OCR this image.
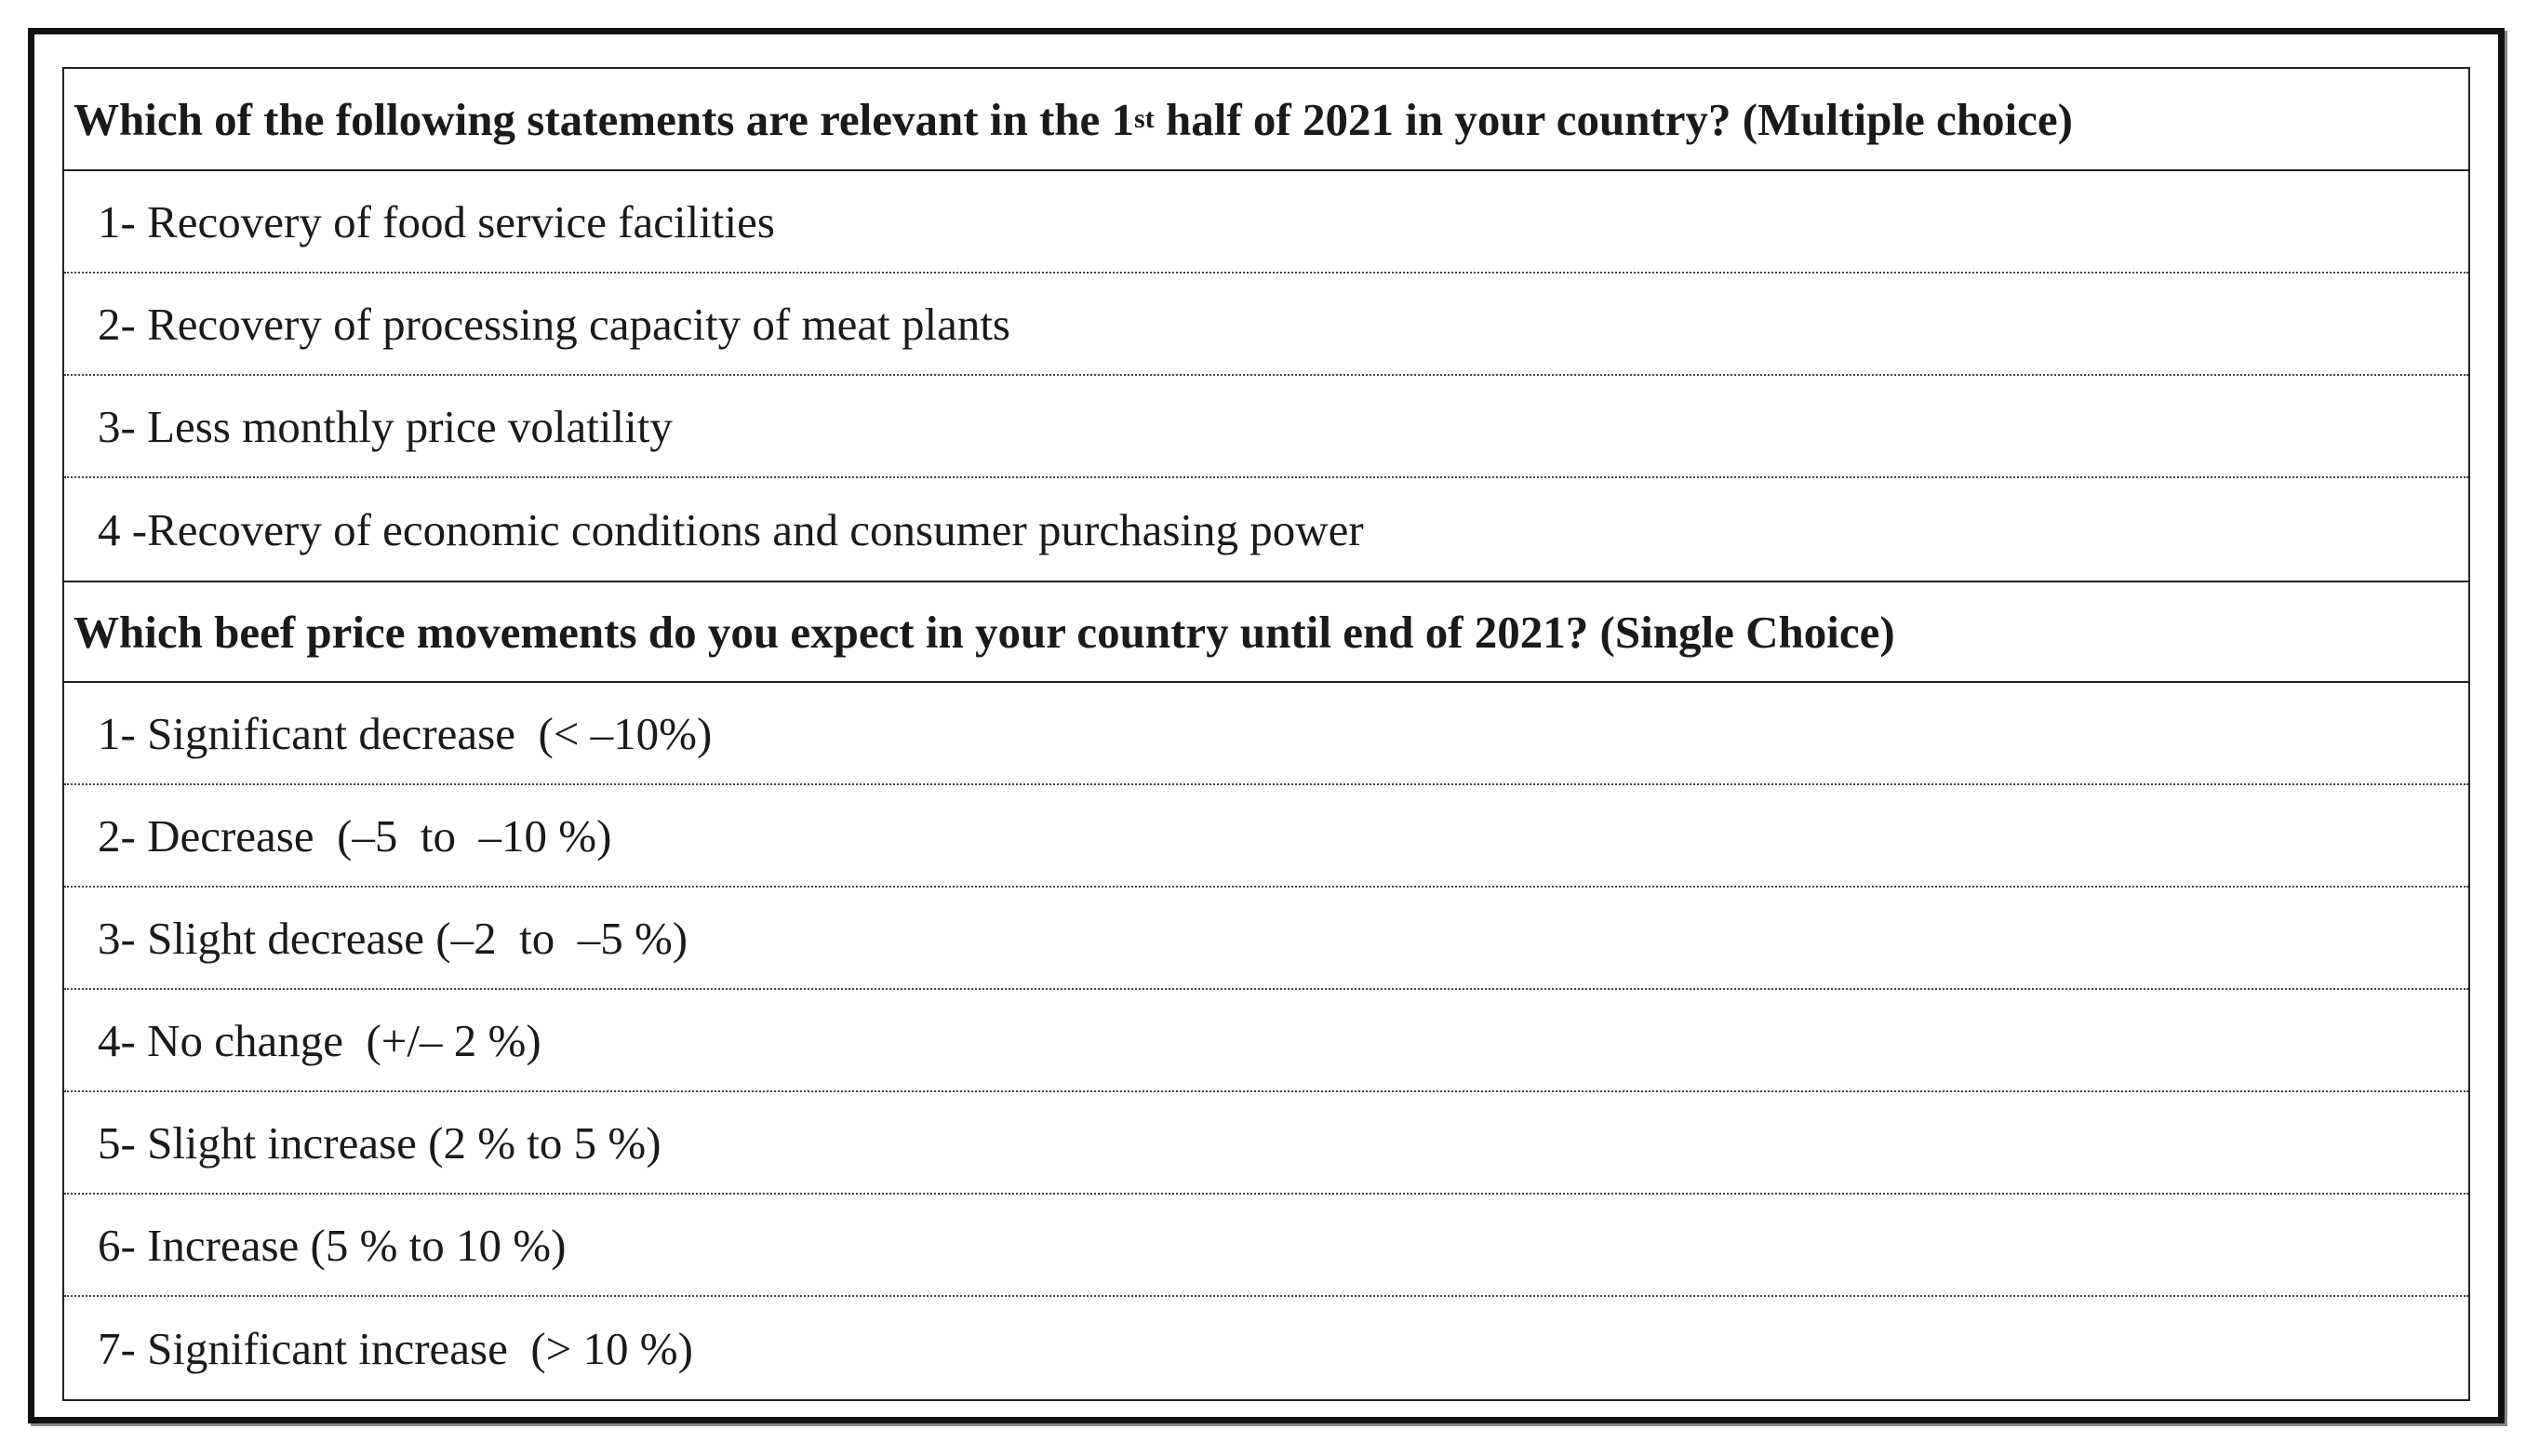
Which of the following statements are relevant in the 1 st half of 2021 in your country? (Multiple choice)
1- Recovery of food service facilities
2- Recovery of processing capacity of meat plants
3- Less monthly price volatility
4 -Recovery of economic conditions and consumer purchasing power
Which beef price movements do you expect in your country until end of 2021? (Single Choice)
1- Significant decrease  (< –10%)
2- Decrease  (–5  to  –10 %)
3- Slight decrease (–2  to  –5 %)
4- No change  (+/– 2 %)
5- Slight increase (2 % to 5 %)
6- Increase (5 % to 10 %)
7- Significant increase  (> 10 %)
